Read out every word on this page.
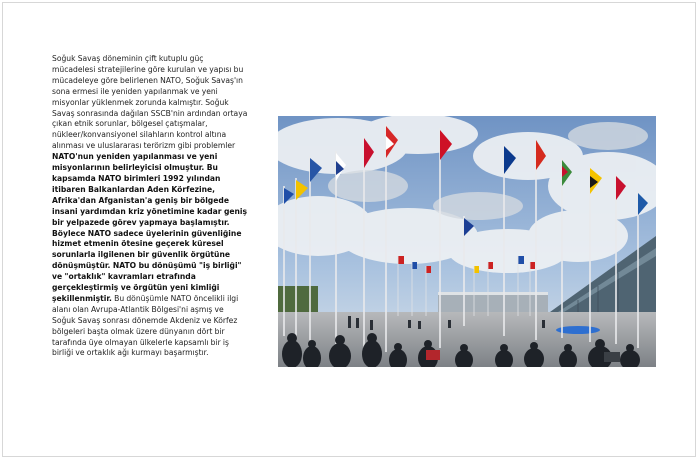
Soğuk Savaş döneminin çift kutuplu güç mücadelesi stratejilerine göre kurulan ve yapısı bu mücadeleye göre belirlenen NATO, Soğuk Savaş'ın sona ermesi ile yeniden yapılanmak ve yeni misyonlar yüklenmek zorunda kalmıştır. Soğuk Savaş sonrasında dağılan SSCB'nin ardından ortaya çıkan etnik sorunlar, bölgesel çatışmalar, nükleer/konvansiyonel silahların kontrol altına alınması ve uluslararası terörizm gibi problemler NATO'nun yeniden yapılanması ve yeni misyonlarının belirleyicisi olmuştur. Bu kapsamda NATO birimleri 1992 yılından itibaren Balkanlardan Aden Körfezine, Afrika'dan Afganistan'a geniş bir bölgede insani yardımdan kriz yönetimine kadar geniş bir yelpazede görev yapmaya başlamıştır. Böylece NATO sadece üyelerinin güvenliğine hizmet etmenin ötesine geçerek küresel sorunlarla ilgilenen bir güvenlik örgütüne dönüşmüştür. NATO bu dönüşümü "iş birliği" ve "ortaklık" kavramları etrafında gerçekleştirmiş ve örgütün yeni kimliği şekillenmiştir. Bu dönüşümle NATO öncelikli ilgi alanı olan Avrupa-Atlantik Bölgesi'ni aşmış ve Soğuk Savaş sonrası dönemde Akdeniz ve Körfez bölgeleri başta olmak üzere dünyanın dört bir tarafında üye olmayan ülkelerle kapsamlı bir iş birliği ve ortaklık ağı kurmayı başarmıştır.
